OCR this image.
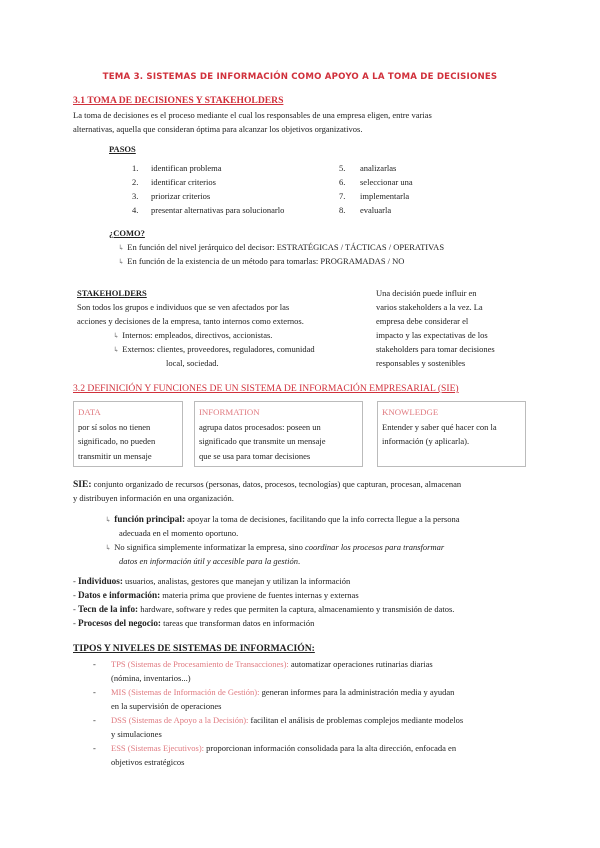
TEMA 3. SISTEMAS DE INFORMACIÓN COMO APOYO A LA TOMA DE DECISIONES
3.1 TOMA DE DECISIONES Y STAKEHOLDERS
La toma de decisiones es el proceso mediante el cual los responsables de una empresa eligen, entre varias
alternativas, aquella que consideran óptima para alcanzar los objetivos organizativos.
PASOS
1. identifican problema
2. identificar criterios
3. priorizar criterios
4. presentar alternativas para solucionarlo
5. analizarlas
6. seleccionar una
7. implementarla
8. evaluarla
¿COMO?
↳ En función del nivel jerárquico del decisor: ESTRATÉGICAS / TÁCTICAS / OPERATIVAS
↳ En función de la existencia de un método para tomarlas: PROGRAMADAS / NO
STAKEHOLDERS
Son todos los grupos e individuos que se ven afectados por las
acciones y decisiones de la empresa, tanto internos como externos.
↳ Internos: empleados, directivos, accionistas.
↳ Externos: clientes, proveedores, reguladores, comunidad
local, sociedad.
Una decisión puede influir en
varios stakeholders a la vez. La
empresa debe considerar el
impacto y las expectativas de los
stakeholders para tomar decisiones
responsables y sostenibles
3.2 DEFINICIÓN Y FUNCIONES DE UN SISTEMA DE INFORMACIÓN EMPRESARIAL (SIE)
DATA
por sí solos no tienen
significado, no pueden
transmitir un mensaje
INFORMATION
agrupa datos procesados: poseen un
significado que transmite un mensaje
que se usa para tomar decisiones
KNOWLEDGE
Entender y saber qué hacer con la
información (y aplicarla).
SIE: conjunto organizado de recursos (personas, datos, procesos, tecnologías) que capturan, procesan, almacenan
y distribuyen información en una organización.
↳ función principal: apoyar la toma de decisiones, facilitando que la info correcta llegue a la persona
adecuada en el momento oportuno.
↳ No significa simplemente informatizar la empresa, sino coordinar los procesos para transformar
datos en información útil y accesible para la gestión.
- Individuos: usuarios, analistas, gestores que manejan y utilizan la información
- Datos e información: materia prima que proviene de fuentes internas y externas
- Tecn de la info: hardware, software y redes que permiten la captura, almacenamiento y transmisión de datos.
- Procesos del negocio: tareas que transforman datos en información
TIPOS Y NIVELES DE SISTEMAS DE INFORMACIÓN:
- TPS (Sistemas de Procesamiento de Transacciones): automatizar operaciones rutinarias diarias
(nómina, inventarios...)
- MIS (Sistemas de Información de Gestión): generan informes para la administración media y ayudan
en la supervisión de operaciones
- DSS (Sistemas de Apoyo a la Decisión): facilitan el análisis de problemas complejos mediante modelos
y simulaciones
- ESS (Sistemas Ejecutivos): proporcionan información consolidada para la alta dirección, enfocada en
objetivos estratégicos
